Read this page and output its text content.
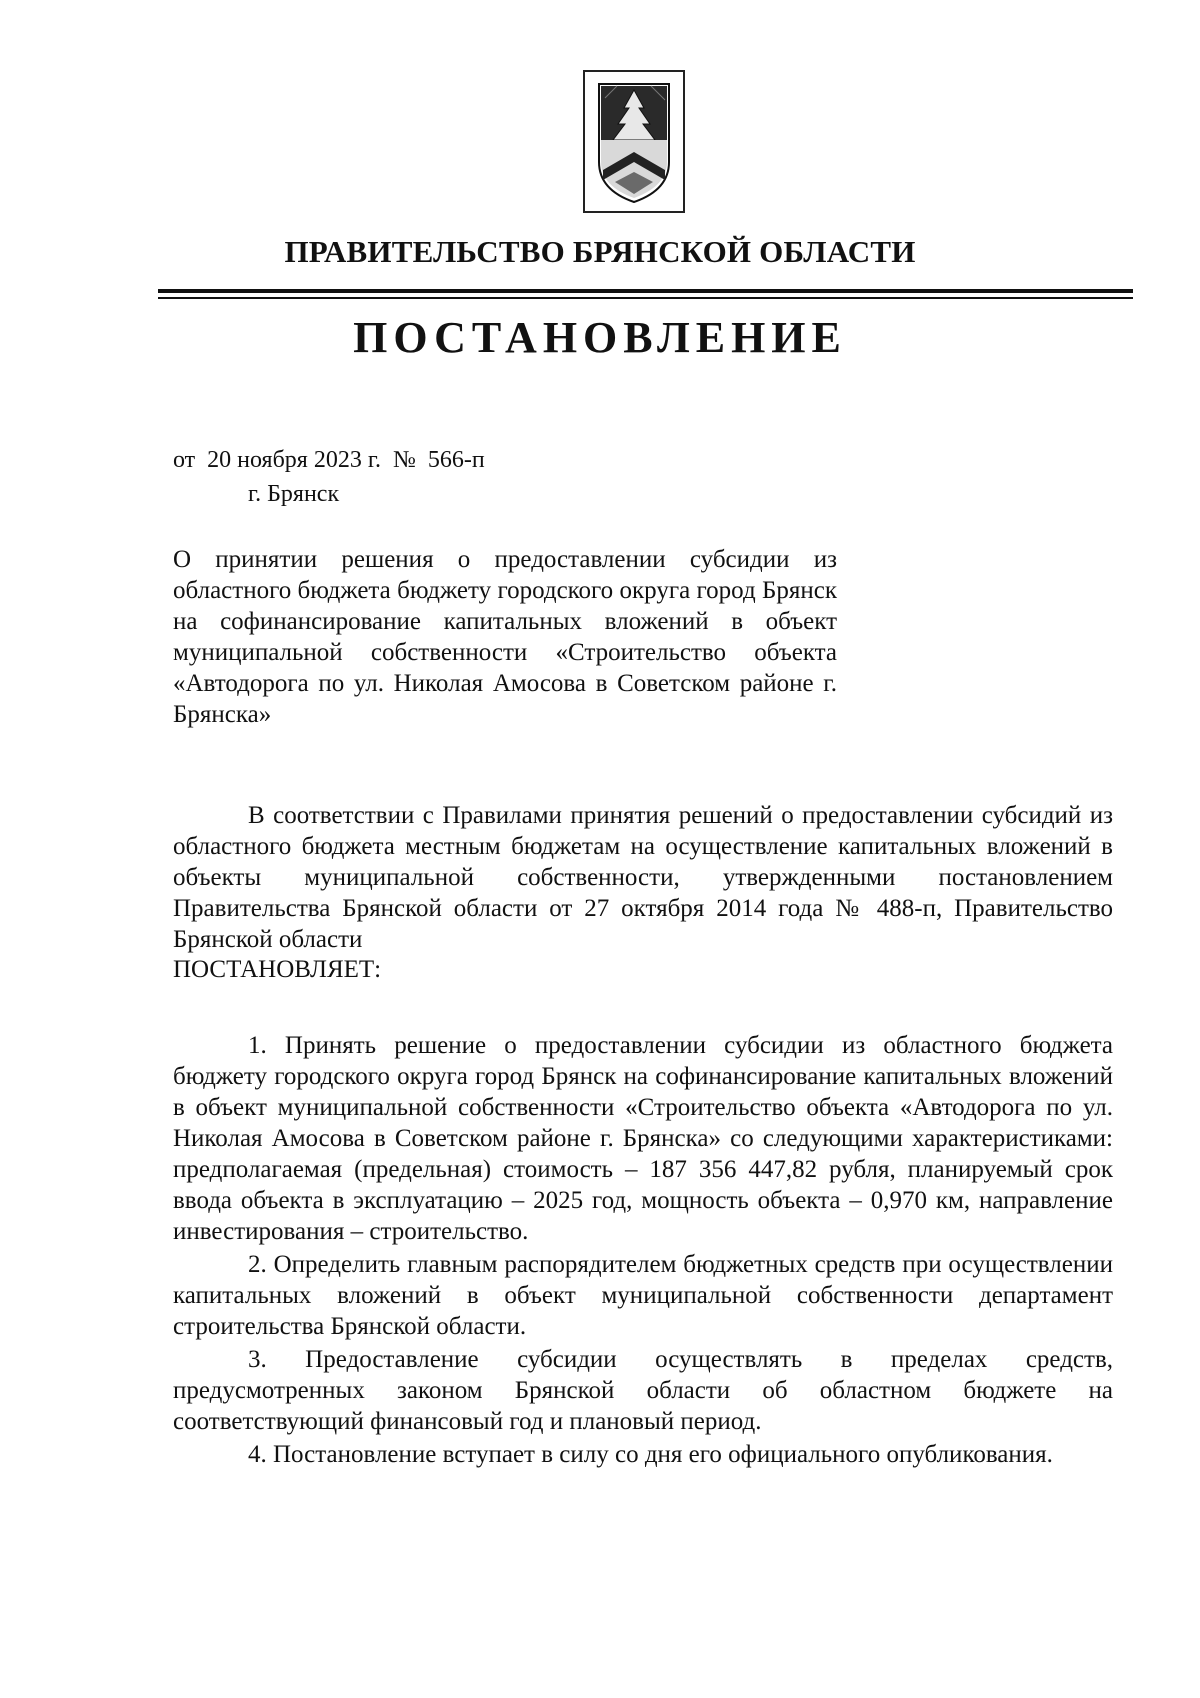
ПРАВИТЕЛЬСТВО БРЯНСКОЙ ОБЛАСТИ
ПОСТАНОВЛЕНИЕ
от  20 ноября 2023 г.  №  566-п
г. Брянск
О принятии решения о предоставлении субсидии из областного бюджета бюджету городского округа город Брянск на софинансирование капитальных вложений в объект муниципальной собственности «Строительство объекта «Автодорога по ул. Николая Амосова в Советском районе г. Брянска»

В соответствии с Правилами принятия решений о предоставлении субсидий из областного бюджета местным бюджетам на осуществление капитальных вложений в объекты муниципальной собственности, утвержденными постановлением Правительства Брянской области от 27 октября 2014 года № 488-п, Правительство Брянской области

ПОСТАНОВЛЯЕТ:

1. Принять решение о предоставлении субсидии из областного бюджета бюджету городского округа город Брянск на софинансирование капитальных вложений в объект муниципальной собственности «Строительство объекта «Автодорога по ул. Николая Амосова в Советском районе г. Брянска» со следующими характеристиками: предполагаемая (предельная) стоимость – 187 356 447,82 рубля, планируемый срок ввода объекта в эксплуатацию – 2025 год, мощность объекта – 0,970 км, направление инвестирования – строительство.

2. Определить главным распорядителем бюджетных средств при осуществлении капитальных вложений в объект муниципальной собственности департамент строительства Брянской области.

3. Предоставление субсидии осуществлять в пределах средств, предусмотренных законом Брянской области об областном бюджете на соответствующий финансовый год и плановый период.

4. Постановление вступает в силу со дня его официального опубликования.
